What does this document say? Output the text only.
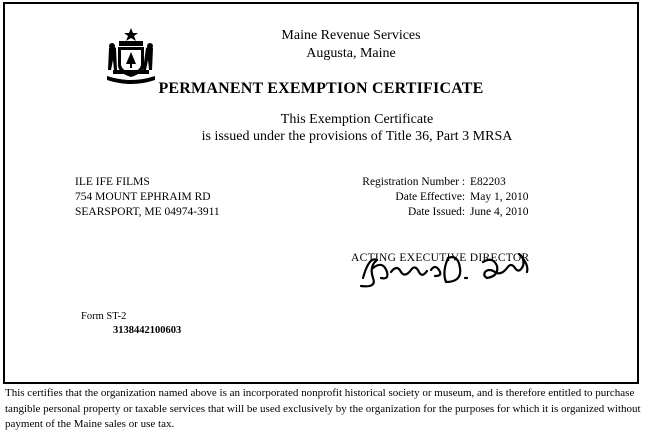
Maine Revenue Services
Augusta, Maine
PERMANENT EXEMPTION CERTIFICATE
This Exemption Certificate
is issued under the provisions of Title 36, Part 3 MRSA
ILE IFE FILMS
754 MOUNT EPHRAIM RD
SEARSPORT, ME 04974-3911
Registration Number : E82203
Date Effective: May 1, 2010
Date Issued: June 4, 2010
ACTING EXECUTIVE DIRECTOR
Form ST-2
3138442100603
This certifies that the organization named above is an incorporated nonprofit historical society or museum, and is therefore entitled to purchase tangible personal property or taxable services that will be used exclusively by the organization for the purposes for which it is organized without payment of the Maine sales or use tax.
